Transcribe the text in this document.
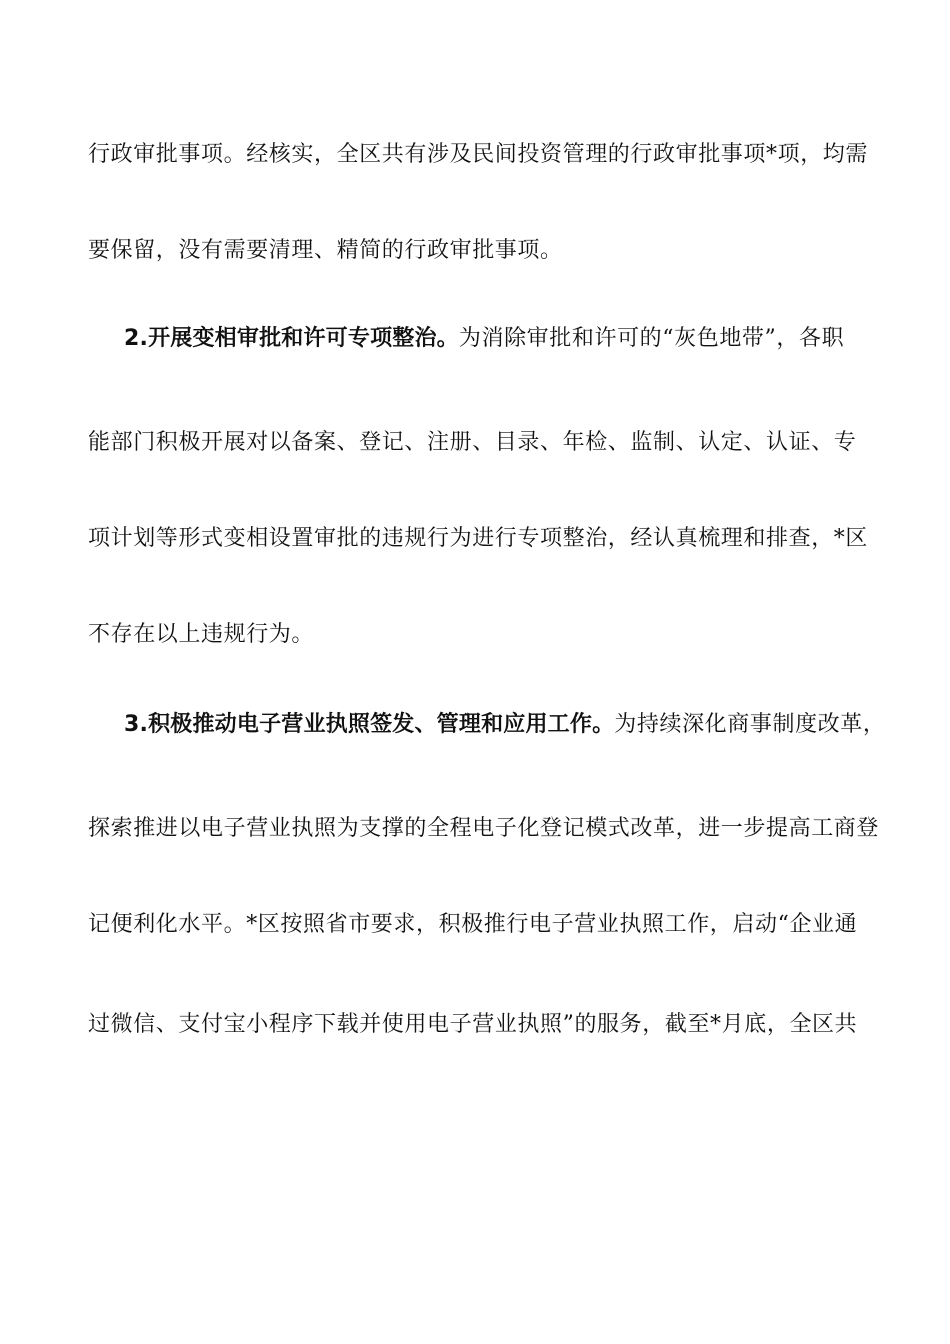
行政审批事项。经核实，全区共有涉及民间投资管理的行政审批事项*项，均需
要保留，没有需要清理、精简的行政审批事项。
2.开展变相审批和许可专项整治。为消除审批和许可的“灰色地带”，各职
能部门积极开展对以备案、登记、注册、目录、年检、监制、认定、认证、专
项计划等形式变相设置审批的违规行为进行专项整治，经认真梳理和排查，*区
不存在以上违规行为。
3.积极推动电子营业执照签发、管理和应用工作。为持续深化商事制度改革，
探索推进以电子营业执照为支撑的全程电子化登记模式改革，进一步提高工商登
记便利化水平。*区按照省市要求，积极推行电子营业执照工作，启动“企业通
过微信、支付宝小程序下载并使用电子营业执照”的服务，截至*月底，全区共
